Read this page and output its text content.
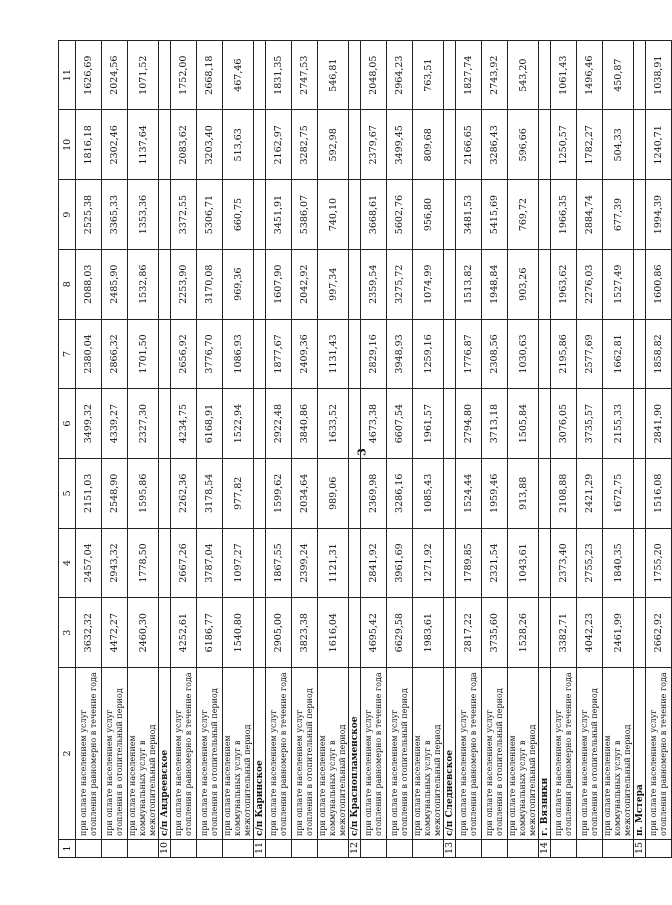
3
1	2	3	4	5	6	7	8	9	10	11
	при оплате населением услуг отопления равномерно в течение года	3632,32	2457,04	2151,03	3499,32	2380,04	2088,03	2525,38	1816,18	1626,69
	при оплате населением услуг отопления в отопительный период	4472,27	2943,32	2548,90	4339,27	2866,32	2485,90	3365,33	2302,46	2024,56
	при оплате населением коммунальных услуг в межотопительный период	2460,30	1778,50	1595,86	2327,30	1701,50	1532,86	1353,36	1137,64	1071,52
10	с/п Андреевское									
	при оплате населением услуг отопления равномерно в течение года	4252,61	2667,26	2262,36	4234,75	2656,92	2253,90	3372,55	2083,62	1752,00
	при оплате населением услуг отопления в отопительный период	6186,77	3787,04	3178,54	6168,91	3776,70	3170,08	5306,71	3203,40	2668,18
	при оплате населением коммунальных услуг в межотопительный период	1540,80	1097,27	977,82	1522,94	1086,93	969,36	660,75	513,63	467,46
11	с/п Каринское									
	при оплате населением услуг отопления равномерно в течение года	2905,00	1867,55	1599,62	2922,48	1877,67	1607,90	3451,91	2162,97	1831,35
	при оплате населением услуг отопления в отопительный период	3823,38	2399,24	2034,64	3840,86	2409,36	2042,92	5386,07	3282,75	2747,53
	при оплате населением коммунальных услуг в межотопительный период	1616,04	1121,31	989,06	1633,52	1131,43	997,34	740,10	592,98	546,81
12	с/п Краснопламенское									
	при оплате населением услуг отопления равномерно в течение года	4695,42	2841,92	2369,98	4673,38	2829,16	2359,54	3668,61	2379,67	2048,05
	при оплате населением услуг отопления в отопительный период	6629,58	3961,69	3286,16	6607,54	3948,93	3275,72	5602,76	3499,45	2964,23
	при оплате населением коммунальных услуг в межотопительный период	1983,61	1271,92	1085,43	1961,57	1259,16	1074,99	956,80	809,68	763,51
13	с/п Следневское									
	при оплате населением услуг отопления равномерно в течение года	2817,22	1789,85	1524,44	2794,80	1776,87	1513,82	3481,53	2166,65	1827,74
	при оплате населением услуг отопления в отопительный период	3735,60	2321,54	1959,46	3713,18	2308,56	1948,84	5415,69	3286,43	2743,92
	при оплате населением коммунальных услуг в межотопительный период	1528,26	1043,61	913,88	1505,84	1030,63	903,26	769,72	596,66	543,20
14	г. Вязники									
	при оплате населением услуг отопления равномерно в течение года	3382,71	2373,40	2108,88	3076,05	2195,86	1963,62	1966,35	1250,57	1061,43
	при оплате населением услуг отопления в отопительный период	4042,23	2755,23	2421,29	3735,57	2577,69	2276,03	2884,74	1782,27	1496,46
	при оплате населением коммунальных услуг в межотопительный период	2461,99	1840,35	1672,75	2155,33	1662,81	1527,49	677,39	504,33	450,87
15	п. Мстера									
	при оплате населением услуг отопления равномерно в течение года	2662,92	1755,20	1516,08	2841,90	1858,82	1600,86	1994,39	1240,71	1038,91
